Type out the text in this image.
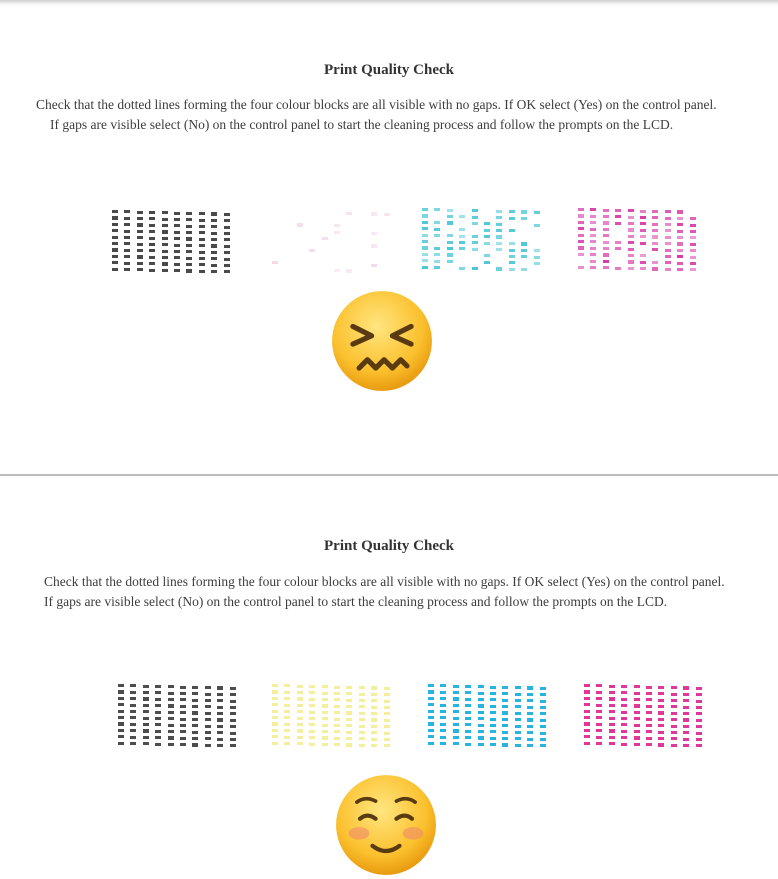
Print Quality Check
Check that the dotted lines forming the four colour blocks are all visible with no gaps. If OK select (Yes) on the control panel.
If gaps are visible select (No) on the control panel to start the cleaning process and follow the prompts on the LCD.
Print Quality Check
Check that the dotted lines forming the four colour blocks are all visible with no gaps. If OK select (Yes) on the control panel.
If gaps are visible select (No) on the control panel to start the cleaning process and follow the prompts on the LCD.
